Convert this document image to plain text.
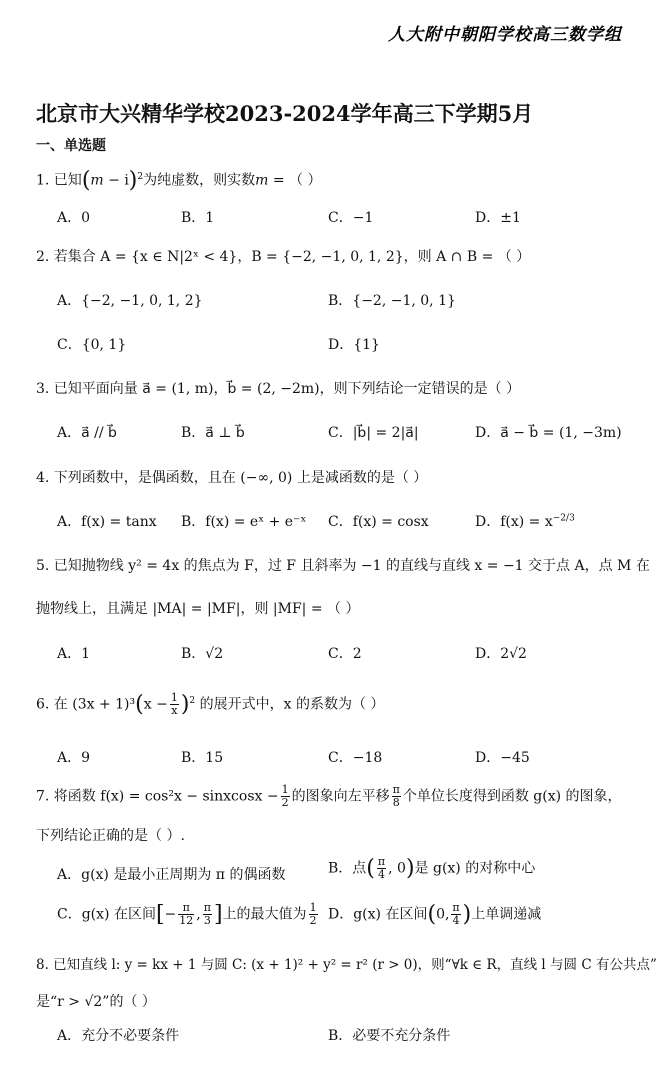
人大附中朝阳学校高三数学组
北京市大兴精华学校2023-2024学年高三下学期5月
一、单选题
1. 已知$(m - i)^2$为纯虚数，则实数m = （ ）
A．0	B．1	C．−1	D．±1
2. 若集合 A = {x ∈ N|2ˣ < 4}，B = {−2, −1, 0, 1, 2}，则 A ∩ B = （ ）
A．{−2, −1, 0, 1, 2}	B．{−2, −1, 0, 1}
C．{0, 1}	D．{1}
3. 已知平面向量 a⃗ = (1, m)，b⃗ = (2, −2m)，则下列结论一定错误的是（ ）
A．a⃗ // b⃗	B．a⃗ ⊥ b⃗	C．|b⃗| = 2|a⃗|	D．a⃗ − b⃗ = (1, −3m)
4. 下列函数中，是偶函数，且在 (−∞, 0) 上是减函数的是（ ）
A．f(x) = tanx B．f(x) = eˣ + e⁻ˣ C．f(x) = cosx	D．$f(x) = x^{-2/3}$
5. 已知抛物线 y² = 4x 的焦点为 F，过 F 且斜率为 −1 的直线与直线 x = −1 交于点 A，点 M 在
抛物线上，且满足 |MA| = |MF|，则 |MF| = （ ）
A．1	B．√2	C．2	D．2√2
6. 在 $(3x + 1)^3(x - \frac{1}{x} )^2$ 的展开式中，x 的系数为（ ）
A．9	B．15	C．−18	D．−45
7. 将函数 f(x) = cos²x − sinxcosx − $\frac{1}{2}$ 的图象向左平移 $\frac{\pi}{8}$ 个单位长度得到函数 g(x) 的图象，
下列结论正确的是（ ）.
A．g(x) 是最小正周期为 π 的偶函数	B．点( $\frac{\pi}{4}$ , 0)是 g(x) 的对称中心
C．g(x) 在区间[− $\frac{\pi}{12}$ , $\frac{\pi}{3}$ ]上的最大值为 $\frac{1}{2}$ D．g(x) 在区间(0, $\frac{\pi}{4}$ )上单调递减
8. 已知直线 l: y = kx + 1 与圆 C: (x + 1)² + y² = r² (r > 0)，则“∀k ∈ R，直线 l 与圆 C 有公共点”
是“r > √2”的（ ）
A．充分不必要条件	B．必要不充分条件
